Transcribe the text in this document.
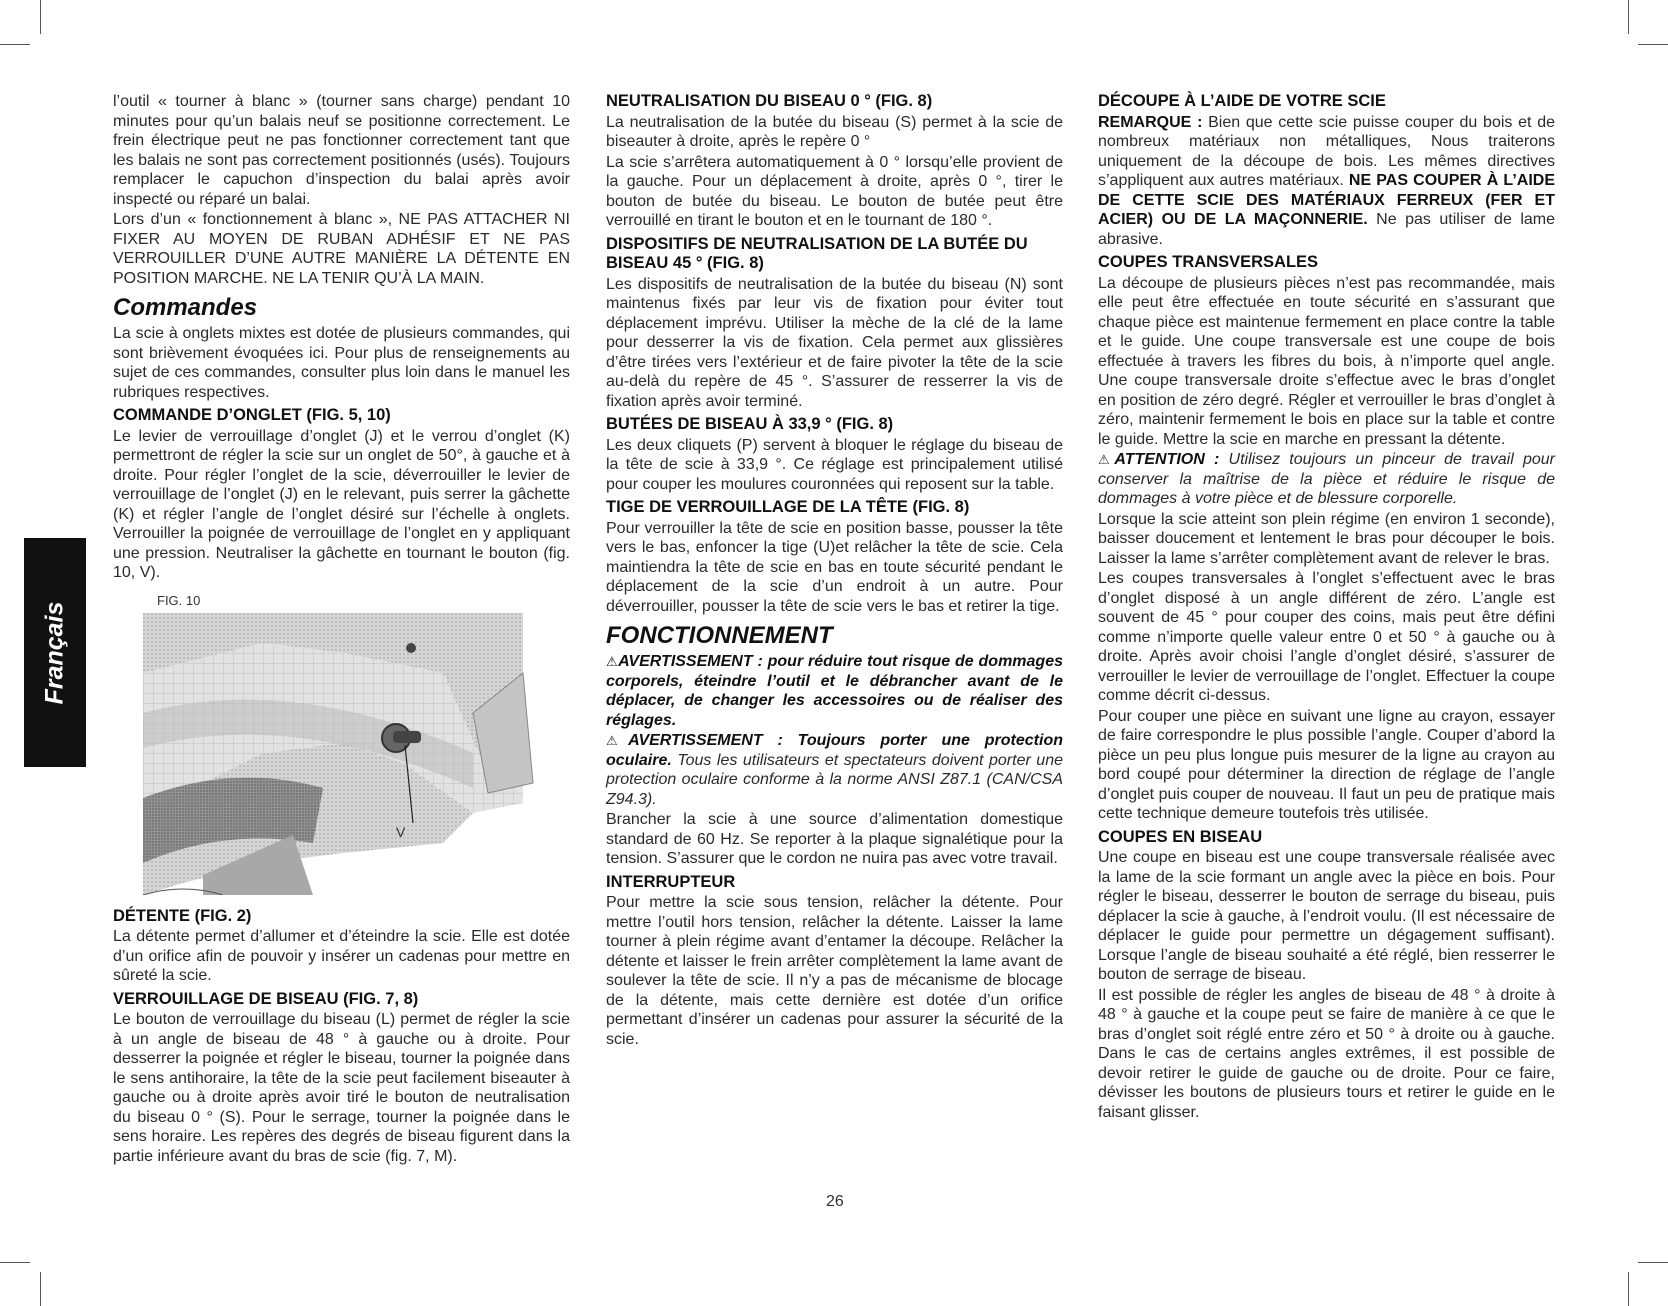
Français

l’outil « tourner à blanc » (tourner sans charge) pendant 10 minutes pour qu’un balais neuf se positionne correctement. Le frein électrique peut ne pas fonctionner correctement tant que les balais ne sont pas correctement positionnés (usés). Toujours remplacer le capuchon d’inspection du balai après avoir inspecté ou réparé un balai.

Lors d’un « fonctionnement à blanc », NE PAS ATTACHER NI FIXER AU MOYEN DE RUBAN ADHÉSIF ET NE PAS VERROUILLER D’UNE AUTRE MANIÈRE LA DÉTENTE EN POSITION MARCHE. NE LA TENIR QU’À LA MAIN.

Commandes

La scie à onglets mixtes est dotée de plusieurs commandes, qui sont brièvement évoquées ici. Pour plus de renseignements au sujet de ces commandes, consulter plus loin dans le manuel les rubriques respectives.

COMMANDE D’ONGLET (FIG. 5, 10)

Le levier de verrouillage d’onglet (J) et le verrou d’onglet (K) permettront de régler la scie sur un onglet de 50°, à gauche et à droite. Pour régler l’onglet de la scie, déverrouiller le levier de verrouillage de l’onglet (J) en le relevant, puis serrer la gâchette (K) et régler l’angle de l’onglet désiré sur l’échelle à onglets. Verrouiller la poignée de verrouillage de l’onglet en y appliquant une pression. Neutraliser la gâchette en tournant le bouton (fig. 10, V).

FIG. 10
V
DÉTENTE (FIG. 2)

La détente permet d’allumer et d’éteindre la scie. Elle est dotée d’un orifice afin de pouvoir y insérer un cadenas pour mettre en sûreté la scie.

VERROUILLAGE DE BISEAU (FIG. 7, 8)

Le bouton de verrouillage du biseau (L) permet de régler la scie à un angle de biseau de 48 ° à gauche ou à droite. Pour desserrer la poignée et régler le biseau, tourner la poignée dans le sens antihoraire, la tête de la scie peut facilement biseauter à gauche ou à droite après avoir tiré le bouton de neutralisation du biseau 0 ° (S). Pour le serrage, tourner la poignée dans le sens horaire. Les repères des degrés de biseau figurent dans la partie inférieure avant du bras de scie (fig. 7, M).

NEUTRALISATION DU BISEAU 0 ° (FIG. 8)

La neutralisation de la butée du biseau (S) permet à la scie de biseauter à droite, après le repère 0 °

La scie s’arrêtera automatiquement à 0 ° lorsqu’elle provient de la gauche. Pour un déplacement à droite, après 0 °, tirer le bouton de butée du biseau. Le bouton de butée peut être verrouillé en tirant le bouton et en le tournant de 180 °.

DISPOSITIFS DE NEUTRALISATION DE LA BUTÉE DU BISEAU 45 ° (FIG. 8)

Les dispositifs de neutralisation de la butée du biseau (N) sont maintenus fixés par leur vis de fixation pour éviter tout déplacement imprévu. Utiliser la mèche de la clé de la lame pour desserrer la vis de fixation. Cela permet aux glissières d’être tirées vers l’extérieur et de faire pivoter la tête de la scie au-delà du repère de 45 °. S’assurer de resserrer la vis de fixation après avoir terminé.

BUTÉES DE BISEAU À 33,9 ° (FIG. 8)

Les deux cliquets (P) servent à bloquer le réglage du biseau de la tête de scie à 33,9 °. Ce réglage est principalement utilisé pour couper les moulures couronnées qui reposent sur la table.

TIGE DE VERROUILLAGE DE LA TÊTE (FIG. 8)

Pour verrouiller la tête de scie en position basse, pousser la tête vers le bas, enfoncer la tige (U)et relâcher la tête de scie. Cela maintiendra la tête de scie en bas en toute sécurité pendant le déplacement de la scie d’un endroit à un autre. Pour déverrouiller, pousser la tête de scie vers le bas et retirer la tige.

FONCTIONNEMENT

⚠AVERTISSEMENT : pour réduire tout risque de dommages corporels, éteindre l’outil et le débrancher avant de le déplacer, de changer les accessoires ou de réaliser des réglages.

⚠AVERTISSEMENT : Toujours porter une protection oculaire. Tous les utilisateurs et spectateurs doivent porter une protection oculaire conforme à la norme ANSI Z87.1 (CAN/CSA Z94.3).

Brancher la scie à une source d’alimentation domestique standard de 60 Hz. Se reporter à la plaque signalétique pour la tension. S’assurer que le cordon ne nuira pas avec votre travail.

INTERRUPTEUR

Pour mettre la scie sous tension, relâcher la détente. Pour mettre l’outil hors tension, relâcher la détente. Laisser la lame tourner à plein régime avant d’entamer la découpe. Relâcher la détente et laisser le frein arrêter complètement la lame avant de soulever la tête de scie. Il n’y a pas de mécanisme de blocage de la détente, mais cette dernière est dotée d’un orifice permettant d’insérer un cadenas pour assurer la sécurité de la scie.

DÉCOUPE À L’AIDE DE VOTRE SCIE

REMARQUE : Bien que cette scie puisse couper du bois et de nombreux matériaux non métalliques, Nous traiterons uniquement de la découpe de bois. Les mêmes directives s’appliquent aux autres matériaux. NE PAS COUPER À L’AIDE DE CETTE SCIE DES MATÉRIAUX FERREUX (FER ET ACIER) OU DE LA MAÇONNERIE. Ne pas utiliser de lame abrasive.

COUPES TRANSVERSALES

La découpe de plusieurs pièces n’est pas recommandée, mais elle peut être effectuée en toute sécurité en s’assurant que chaque pièce est maintenue fermement en place contre la table et le guide. Une coupe transversale est une coupe de bois effectuée à travers les fibres du bois, à n’importe quel angle. Une coupe transversale droite s’effectue avec le bras d’onglet en position de zéro degré. Régler et verrouiller le bras d’onglet à zéro, maintenir fermement le bois en place sur la table et contre le guide. Mettre la scie en marche en pressant la détente.

⚠ATTENTION : Utilisez toujours un pinceur de travail pour conserver la maîtrise de la pièce et réduire le risque de dommages à votre pièce et de blessure corporelle.

Lorsque la scie atteint son plein régime (en environ 1 seconde), baisser doucement et lentement le bras pour découper le bois. Laisser la lame s’arrêter complètement avant de relever le bras.

Les coupes transversales à l’onglet s’effectuent avec le bras d’onglet disposé à un angle différent de zéro. L’angle est souvent de 45 ° pour couper des coins, mais peut être défini comme n’importe quelle valeur entre 0 et 50 ° à gauche ou à droite. Après avoir choisi l’angle d’onglet désiré, s’assurer de verrouiller le levier de verrouillage de l’onglet. Effectuer la coupe comme décrit ci-dessus.

Pour couper une pièce en suivant une ligne au crayon, essayer de faire correspondre le plus possible l’angle. Couper d’abord la pièce un peu plus longue puis mesurer de la ligne au crayon au bord coupé pour déterminer la direction de réglage de l’angle d’onglet puis couper de nouveau. Il faut un peu de pratique mais cette technique demeure toutefois très utilisée.

COUPES EN BISEAU

Une coupe en biseau est une coupe transversale réalisée avec la lame de la scie formant un angle avec la pièce en bois. Pour régler le biseau, desserrer le bouton de serrage du biseau, puis déplacer la scie à gauche, à l’endroit voulu. (Il est nécessaire de déplacer le guide pour permettre un dégagement suffisant). Lorsque l’angle de biseau souhaité a été réglé, bien resserrer le bouton de serrage de biseau.

Il est possible de régler les angles de biseau de 48 ° à droite à 48 ° à gauche et la coupe peut se faire de manière à ce que le bras d’onglet soit réglé entre zéro et 50 ° à droite ou à gauche. Dans le cas de certains angles extrêmes, il est possible de devoir retirer le guide de gauche ou de droite. Pour ce faire, dévisser les boutons de plusieurs tours et retirer le guide en le faisant glisser.

26
